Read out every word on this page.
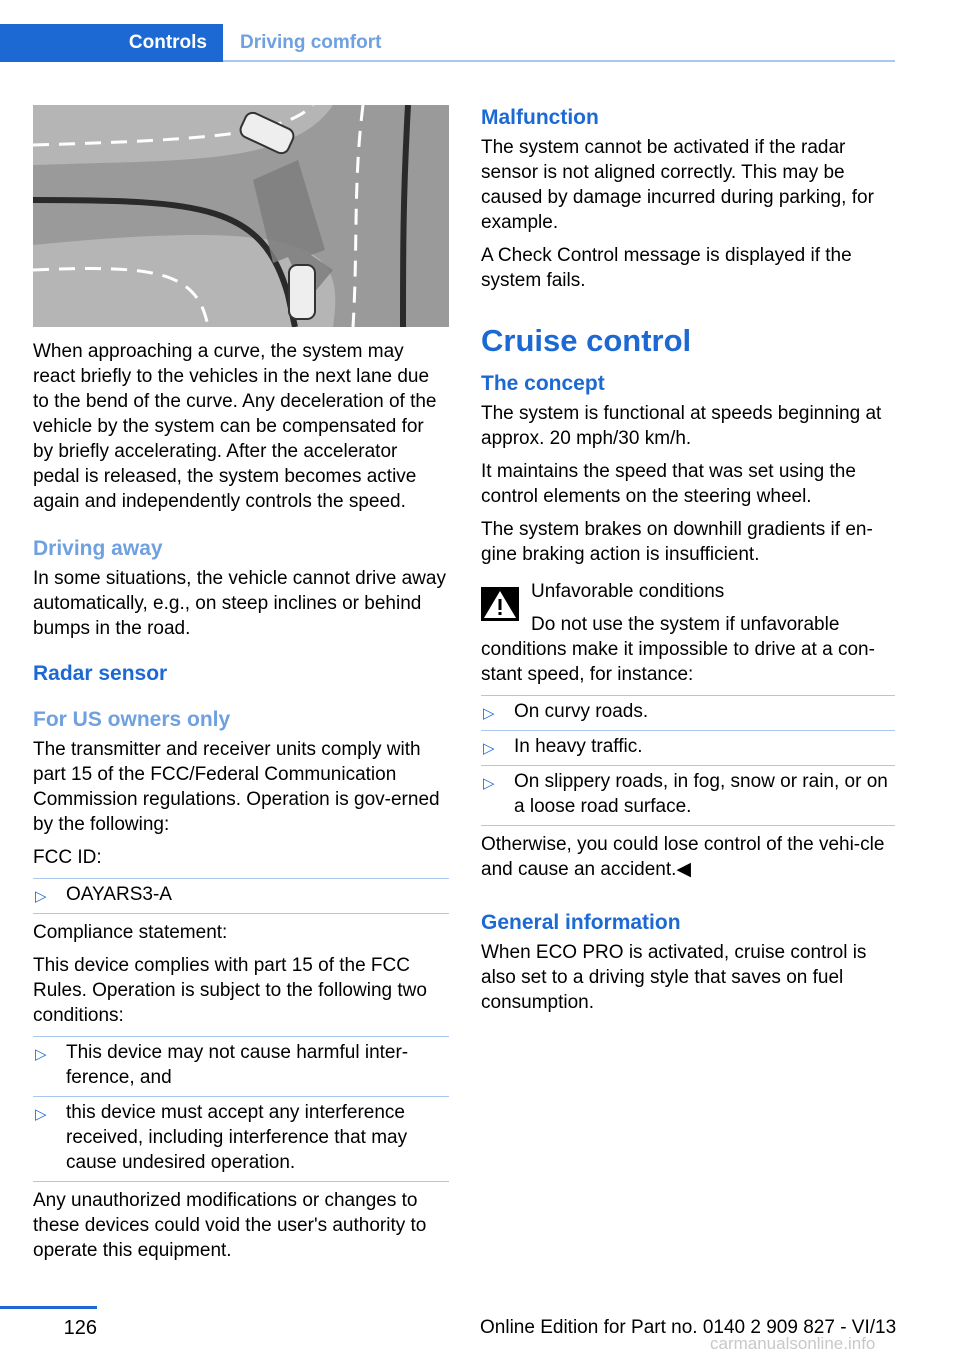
Controls	Driving comfort

When approaching a curve, the system may react briefly to the vehicles in the next lane due to the bend of the curve. Any deceleration of the vehicle by the system can be compensated for by briefly accelerating. After the accelerator pedal is released, the system becomes active again and independently controls the speed.

Driving away

In some situations, the vehicle cannot drive away automatically, e.g., on steep inclines or behind bumps in the road.

Radar sensor
For US owners only

The transmitter and receiver units comply with part 15 of the FCC/Federal Communication Commission regulations. Operation is gov‐erned by the following:

FCC ID:

▷ OAYARS3-A

Compliance statement:

This device complies with part 15 of the FCC Rules. Operation is subject to the following two conditions:

▷ This device may not cause harmful inter‐ference, and
▷ this device must accept any interference received, including interference that may cause undesired operation.

Any unauthorized modifications or changes to these devices could void the user's authority to operate this equipment.

Malfunction

The system cannot be activated if the radar sensor is not aligned correctly. This may be caused by damage incurred during parking, for example.

A Check Control message is displayed if the system fails.

Cruise control
The concept

The system is functional at speeds beginning at approx. 20 mph/30 km/h.

It maintains the speed that was set using the control elements on the steering wheel.

The system brakes on downhill gradients if en‐gine braking action is insufficient.

Unfavorable conditions

Do not use the system if unfavorable conditions make it impossible to drive at a con‐stant speed, for instance:

▷ On curvy roads.
▷ In heavy traffic.
▷ On slippery roads, in fog, snow or rain, or on a loose road surface.

Otherwise, you could lose control of the vehi‐cle and cause an accident.◀

General information

When ECO PRO is activated, cruise control is also set to a driving style that saves on fuel consumption.

126	Online Edition for Part no. 0140 2 909 827 - VI/13
carmanualsonline.info
